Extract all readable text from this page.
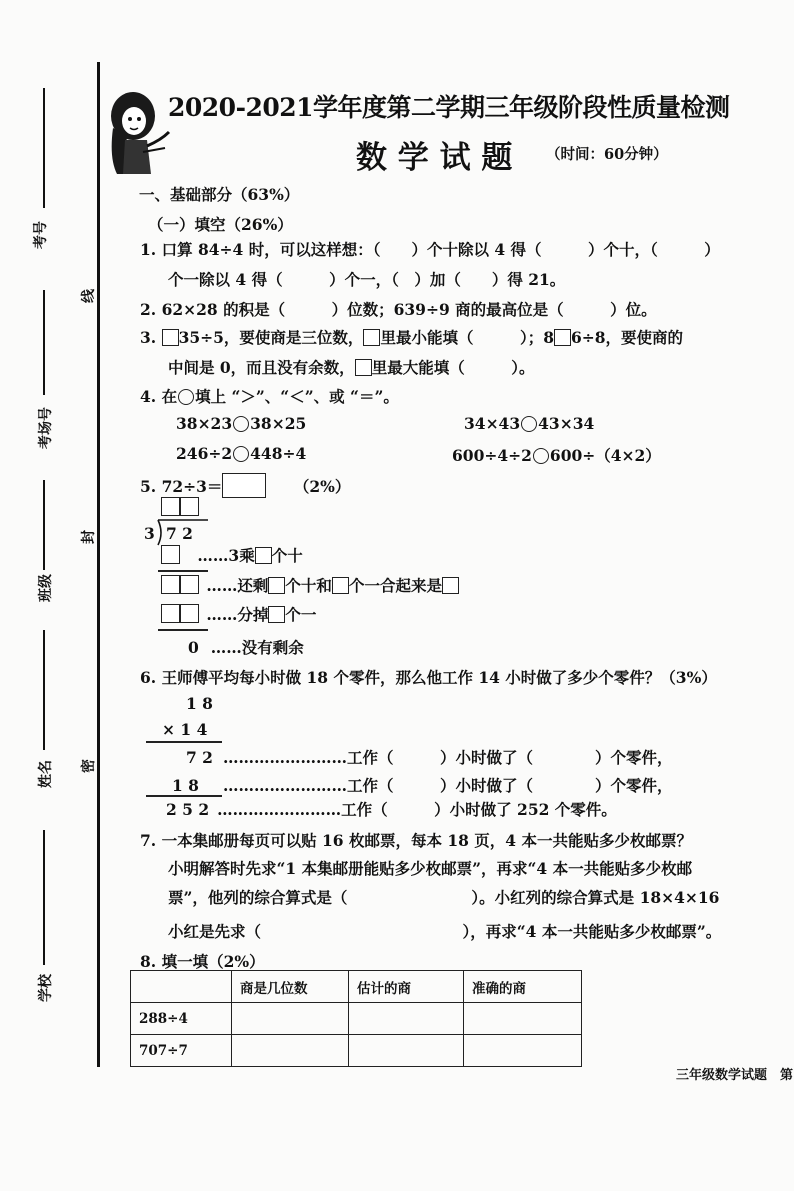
考号
考场号
班级
姓名
学校
线
封
密
2020-2021学年度第二学期三年级阶段性质量检测
数 学 试 题 （时间：60分钟）
一、基础部分（63%）
（一）填空（26%）
1. 口算 84÷4 时，可以这样想：（　　）个十除以 4 得（　　　）个十，（　　　）
个一除以 4 得（　　　）个一，（　）加（　　）得 21。
2. 62×28 的积是（　　　）位数；639÷9 商的最高位是（　　　）位。
3. 35÷5，要使商是三位数， 里最小能填（　　　）；8 6÷8，要使商的
中间是 0，而且没有余数， 里最大能填（　　　）。
4. 在 填上 “＞”、“＜”、或 “＝”。
38×23 38×25	34×43 43×34
246÷2 448÷4	600÷4÷2 600÷（4×2）
5. 72÷3＝	（2%）
3 7 2
……3乘 个十
……还剩 个十和 个一合起来是
……分掉 个一
0 ……没有剩余
6. 王师傅平均每小时做 18 个零件，那么他工作 14 小时做了多少个零件？（3%）
1 8
× 1 4
7 2 ……………………工作（　　　）小时做了（　　　　）个零件，
1 8 ……………………工作（　　　）小时做了（　　　　）个零件，
2 5 2 ……………………工作（　　　）小时做了 252 个零件。
7. 一本集邮册每页可以贴 16 枚邮票，每本 18 页，4 本一共能贴多少枚邮票？
小明解答时先求“1 本集邮册能贴多少枚邮票”，再求“4 本一共能贴多少枚邮
票”，他列的综合算式是（　　　　　　　　）。小红列的综合算式是 18×4×16
小红是先求（　　　　　　　　　　　　　），再求“4 本一共能贴多少枚邮票”。
8. 填一填（2%）
	商是几位数	估计的商	准确的商
288÷4			
707÷7			
三年级数学试题　第
